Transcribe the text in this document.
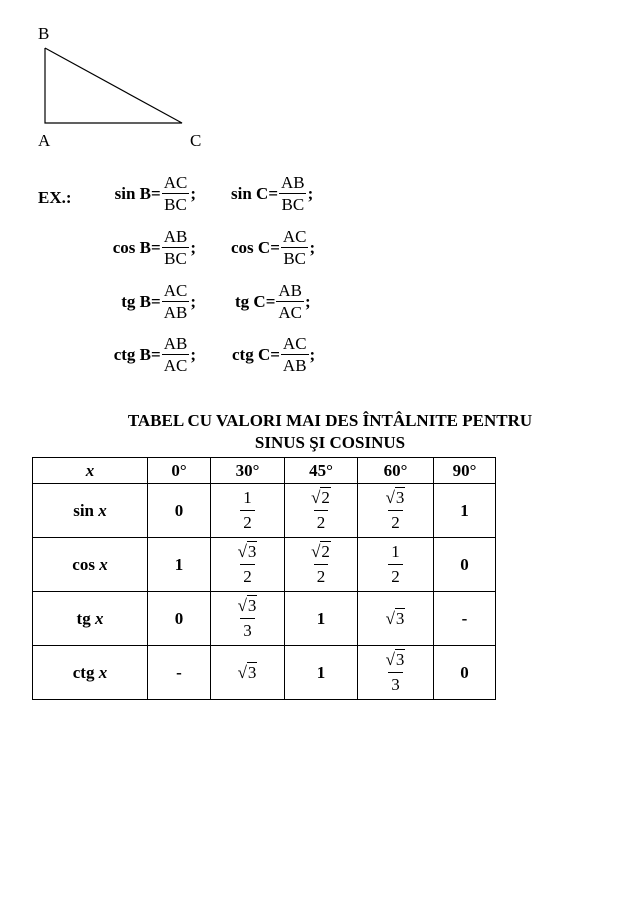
B
A	C
EX.:	$\sin B= \frac{AC}{BC}$ ; $\sin C= \frac{AB}{BC}$ ;
$\cos B= \frac{AB}{BC}$ ; $\cos C= \frac{AC}{BC}$ ;
tg $B= \frac{AC}{AB}$ ; tg $C= \frac{AB}{AC}$ ;
ctg $B= \frac{AB}{AC}$ ; ctg $C= \frac{AC}{AB}$ ;
TABEL CU VALORI MAI DES ÎNTÂLNITE PENTRU
SINUS ŞI COSINUS
x	0°	30°	45°	60°	90°
sin x	0	$\frac{1}{2}$	$\frac{√2}{2}$	$\frac{√3}{2}$	1
cos x	1	$\frac{√3}{2}$	$\frac{√2}{2}$	$\frac{1}{2}$	0
tg x	0	$\frac{√3}{3}$	1	√3	-
ctg x	-	√3	1	$\frac{√3}{3}$	0
